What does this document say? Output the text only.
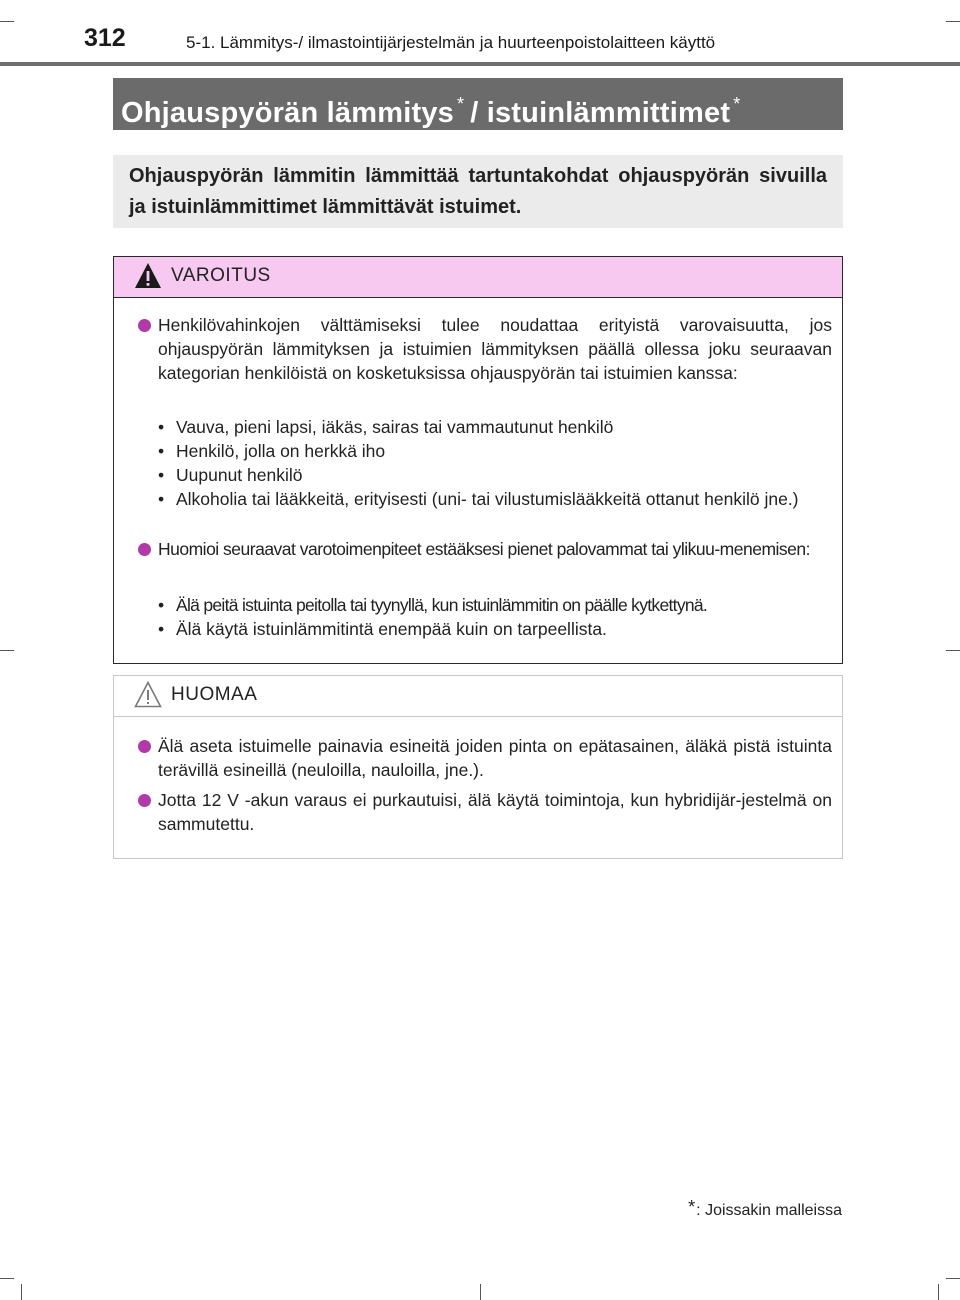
312	5-1. Lämmitys-/ ilmastointijärjestelmän ja huurteenpoistolaitteen käyttö
Ohjauspyörän lämmitys * / istuinlämmittimet *
Ohjauspyörän lämmitin lämmittää tartuntakohdat ohjauspyörän sivuilla ja istuinlämmittimet lämmittävät istuimet.
VAROITUS
Henkilövahinkojen välttämiseksi tulee noudattaa erityistä varovaisuutta, jos ohjauspyörän lämmityksen ja istuimien lämmityksen päällä ollessa joku seuraavan kategorian henkilöistä on kosketuksissa ohjauspyörän tai istuimien kanssa:
• Vauva, pieni lapsi, iäkäs, sairas tai vammautunut henkilö
• Henkilö, jolla on herkkä iho
• Uupunut henkilö
• Alkoholia tai lääkkeitä, erityisesti (uni- tai vilustumislääkkeitä ottanut henkilö jne.)
Huomioi seuraavat varotoimenpiteet estääksesi pienet palovammat tai ylikuu-menemisen:
• Älä peitä istuinta peitolla tai tyynyllä, kun istuinlämmitin on päälle kytkettynä.
• Älä käytä istuinlämmitintä enempää kuin on tarpeellista.
HUOMAA
Älä aseta istuimelle painavia esineitä joiden pinta on epätasainen, äläkä pistä istuinta terävillä esineillä (neuloilla, nauloilla, jne.).
Jotta 12 V -akun varaus ei purkautuisi, älä käytä toimintoja, kun hybridijär-jestelmä on sammutettu.
*: Joissakin malleissa
